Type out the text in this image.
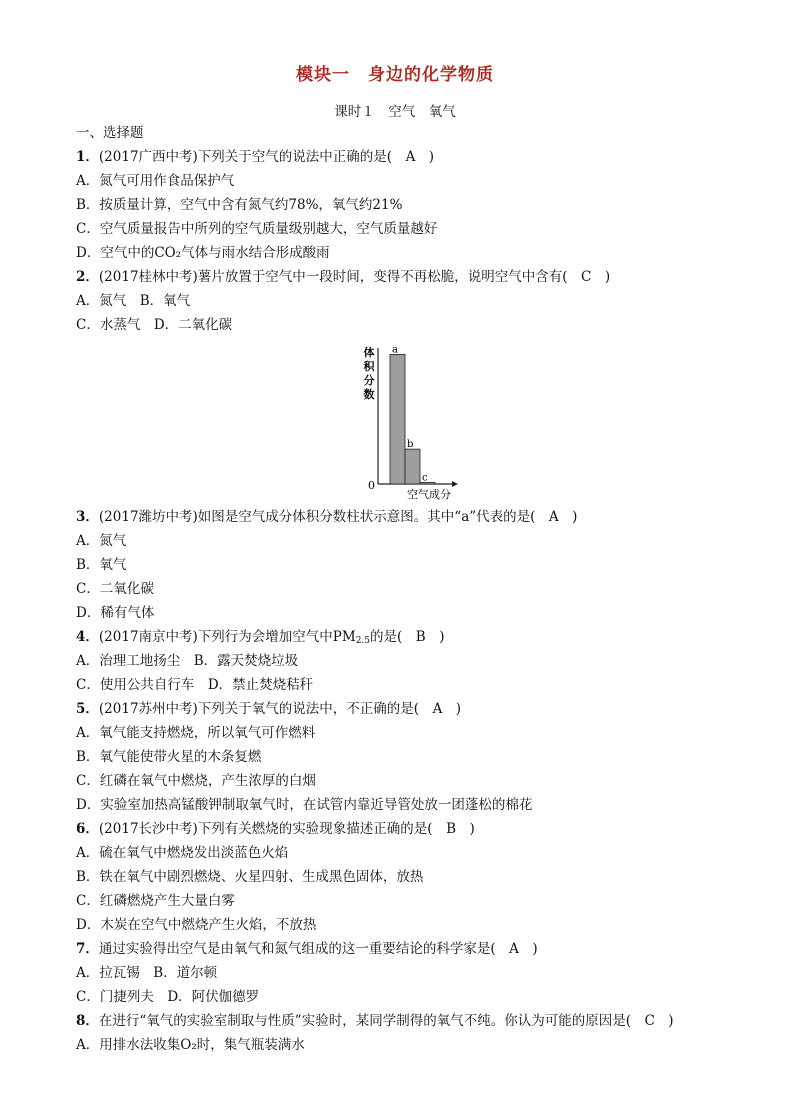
模块一　身边的化学物质
课时１　空气　氧气
一、选择题
1．(2017广西中考)下列关于空气的说法中正确的是(　A　)
A．氮气可用作食品保护气
B．按质量计算，空气中含有氮气约78%，氧气约21%
C．空气质量报告中所列的空气质量级别越大，空气质量越好
D．空气中的CO₂气体与雨水结合形成酸雨
2．(2017桂林中考)薯片放置于空气中一段时间，变得不再松脆，说明空气中含有(　C　)
A．氮气　B．氧气
C．水蒸气　D．二氧化碳
体
积
分
数
a
b
c
0
空气成分
3．(2017潍坊中考)如图是空气成分体积分数柱状示意图。其中“a”代表的是(　A　)
A．氮气
B．氧气
C．二氧化碳
D．稀有气体
4．(2017南京中考)下列行为会增加空气中$PM_{2.5}$的是(　B　)
A．治理工地扬尘　B．露天焚烧垃圾
C．使用公共自行车　D．禁止焚烧秸秆
5．(2017苏州中考)下列关于氧气的说法中，不正确的是(　A　)
A．氧气能支持燃烧，所以氧气可作燃料
B．氧气能使带火星的木条复燃
C．红磷在氧气中燃烧，产生浓厚的白烟
D．实验室加热高锰酸钾制取氧气时，在试管内靠近导管处放一团蓬松的棉花
6．(2017长沙中考)下列有关燃烧的实验现象描述正确的是(　B　)
A．硫在氧气中燃烧发出淡蓝色火焰
B．铁在氧气中剧烈燃烧、火星四射、生成黑色固体，放热
C．红磷燃烧产生大量白雾
D．木炭在空气中燃烧产生火焰，不放热
7．通过实验得出空气是由氧气和氮气组成的这一重要结论的科学家是(　A　)
A．拉瓦锡　B．道尔顿
C．门捷列夫　D．阿伏伽德罗
8．在进行“氧气的实验室制取与性质”实验时，某同学制得的氧气不纯。你认为可能的原因是(　C　)
A．用排水法收集O₂时，集气瓶装满水
